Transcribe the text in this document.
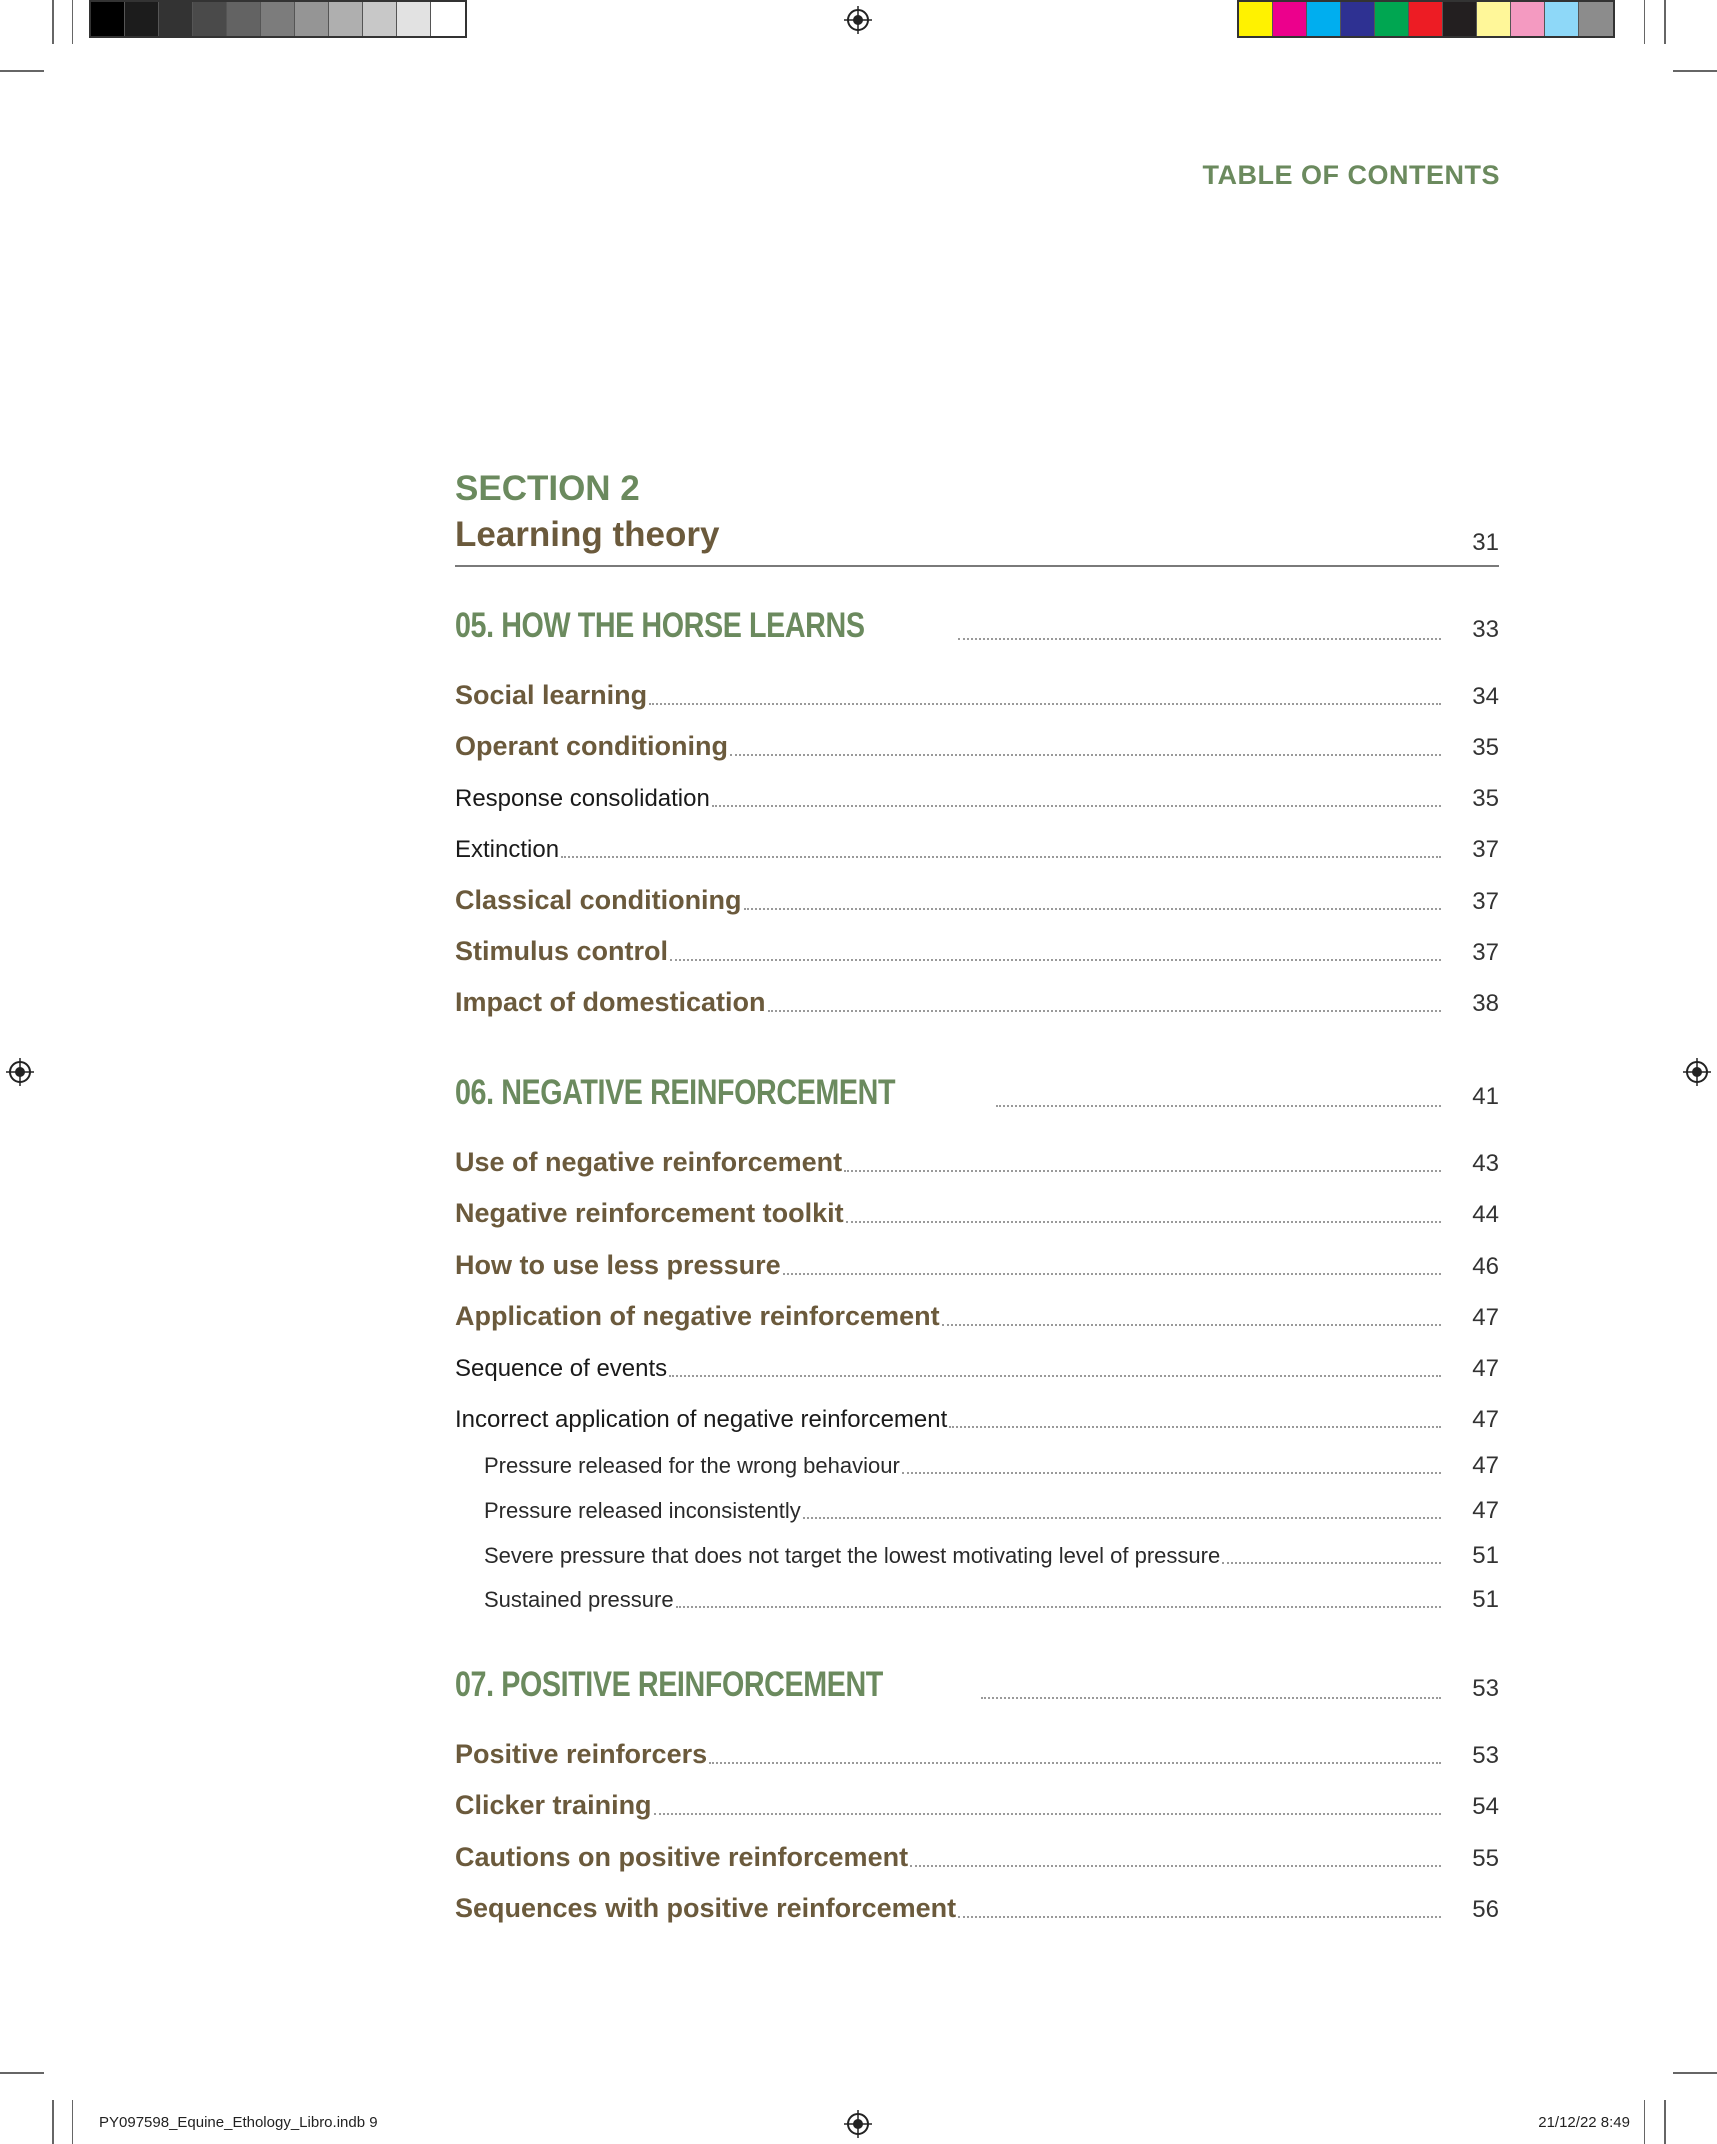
TABLE OF CONTENTS
SECTION 2
Learning theory	31
05. HOW THE HORSE LEARNS	33
Social learning	34
Operant conditioning	35
Response consolidation	35
Extinction	37
Classical conditioning	37
Stimulus control	37
Impact of domestication	38
06. NEGATIVE REINFORCEMENT	41
Use of negative reinforcement	43
Negative reinforcement toolkit	44
How to use less pressure	46
Application of negative reinforcement	47
Sequence of events	47
Incorrect application of negative reinforcement	47
Pressure released for the wrong behaviour	47
Pressure released inconsistently	47
Severe pressure that does not target the lowest motivating level of pressure	51
Sustained pressure	51
07. POSITIVE REINFORCEMENT	53
Positive reinforcers	53
Clicker training	54
Cautions on positive reinforcement	55
Sequences with positive reinforcement	56
PY097598_Equine_Ethology_Libro.indb 9	21/12/22 8:49
